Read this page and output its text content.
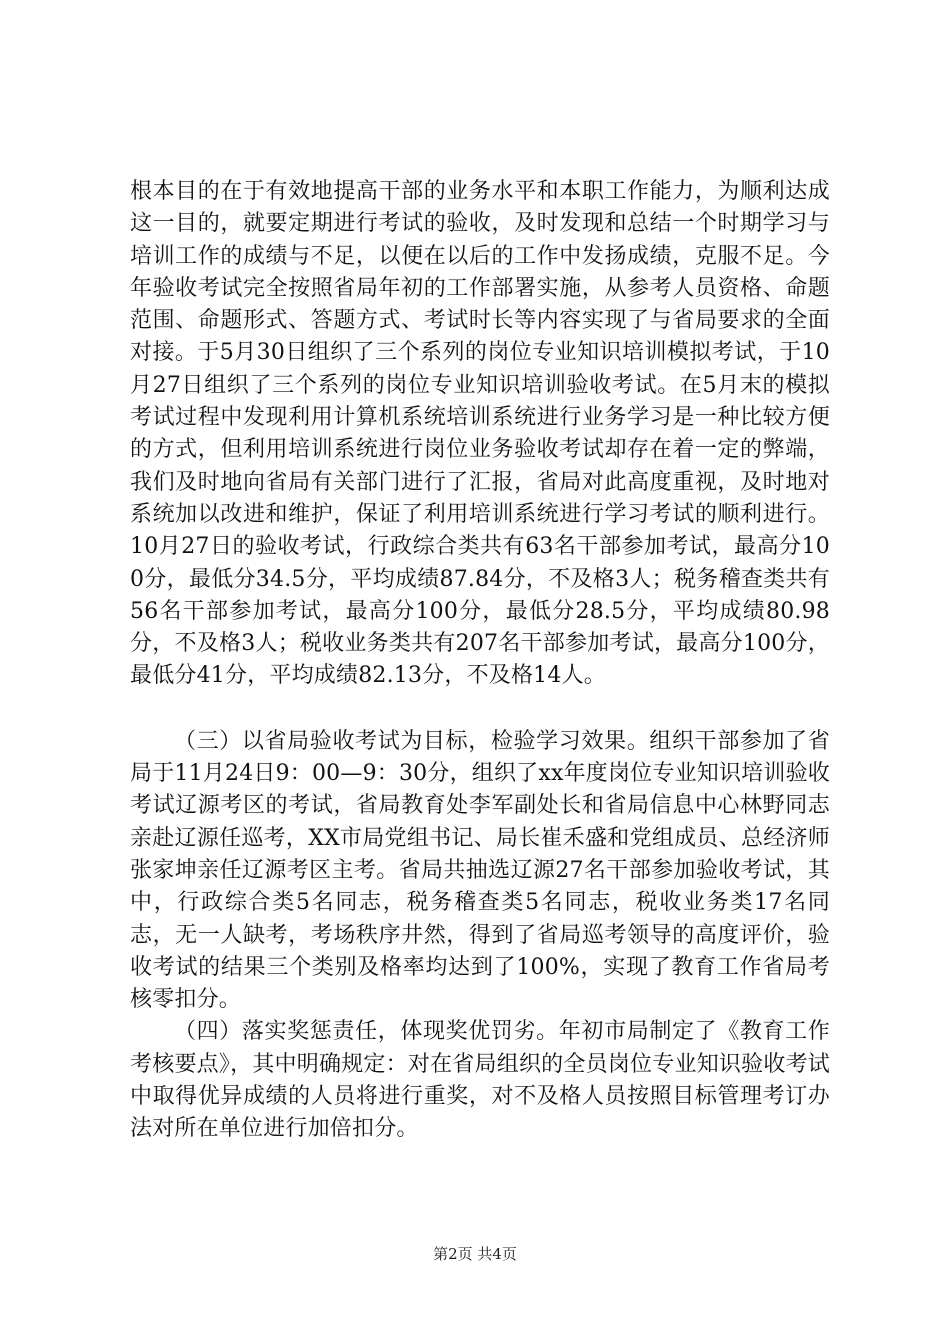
根本目的在于有效地提高干部的业务水平和本职工作能力，为顺利达成这一目的，就要定期进行考试的验收，及时发现和总结一个时期学习与培训工作的成绩与不足，以便在以后的工作中发扬成绩，克服不足。今年验收考试完全按照省局年初的工作部署实施，从参考人员资格、命题范围、命题形式、答题方式、考试时长等内容实现了与省局要求的全面对接。于5月30日组织了三个系列的岗位专业知识培训模拟考试，于10月27日组织了三个系列的岗位专业知识培训验收考试。在5月末的模拟考试过程中发现利用计算机系统培训系统进行业务学习是一种比较方便的方式，但利用培训系统进行岗位业务验收考试却存在着一定的弊端，我们及时地向省局有关部门进行了汇报，省局对此高度重视，及时地对系统加以改进和维护，保证了利用培训系统进行学习考试的顺利进行。10月27日的验收考试，行政综合类共有63名干部参加考试，最高分100分，最低分34.5分，平均成绩87.84分，不及格3人；税务稽查类共有56名干部参加考试，最高分100分，最低分28.5分，平均成绩80.98分，不及格3人；税收业务类共有207名干部参加考试，最高分100分，最低分41分，平均成绩82.13分，不及格14人。

（三）以省局验收考试为目标，检验学习效果。组织干部参加了省局于11月24日9：00—9：30分，组织了xx年度岗位专业知识培训验收考试辽源考区的考试，省局教育处李军副处长和省局信息中心林野同志亲赴辽源任巡考，XX市局党组书记、局长崔禾盛和党组成员、总经济师张家坤亲任辽源考区主考。省局共抽选辽源27名干部参加验收考试，其中，行政综合类5名同志，税务稽查类5名同志，税收业务类17名同志，无一人缺考，考场秩序井然，得到了省局巡考领导的高度评价，验收考试的结果三个类别及格率均达到了100%，实现了教育工作省局考核零扣分。

（四）落实奖惩责任，体现奖优罚劣。年初市局制定了《教育工作考核要点》，其中明确规定：对在省局组织的全员岗位专业知识验收考试中取得优异成绩的人员将进行重奖，对不及格人员按照目标管理考订办法对所在单位进行加倍扣分。

第2页 共4页
